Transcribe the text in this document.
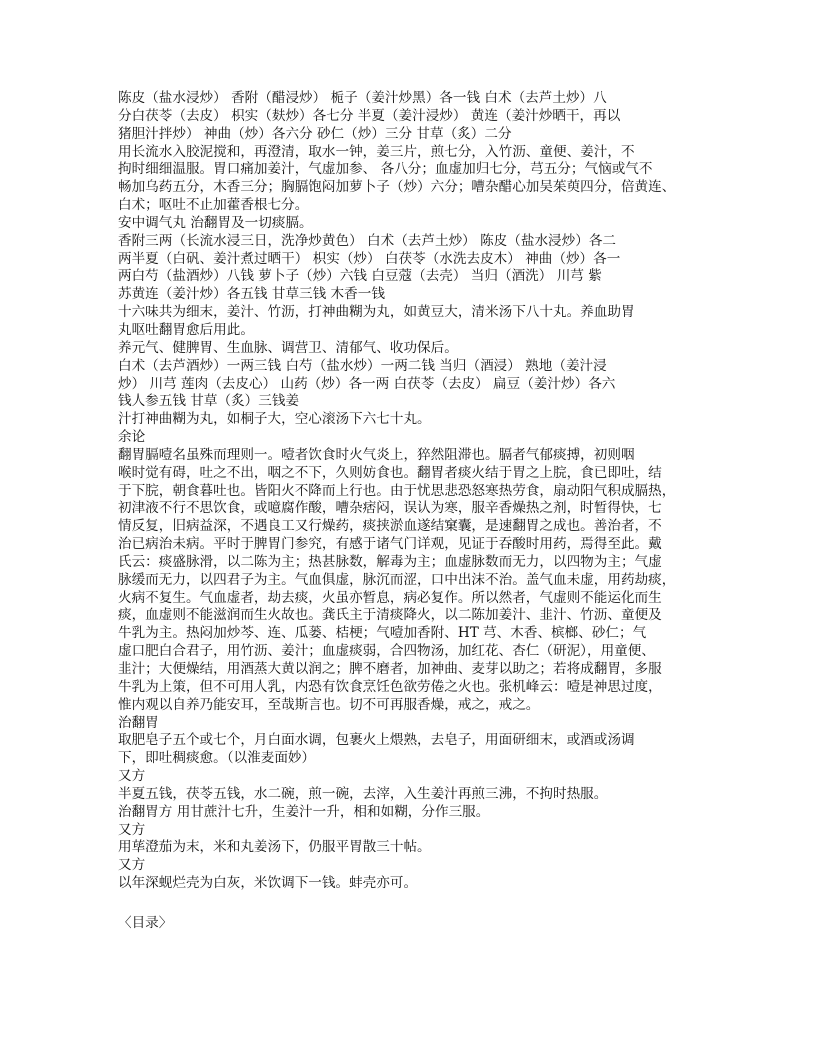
陈皮（盐水浸炒） 香附（醋浸炒） 栀子（姜汁炒黑）各一钱 白术（去芦土炒）八
分白茯苓（去皮） 枳实（麸炒）各七分 半夏（姜汁浸炒） 黄连（姜汁炒晒干，再以
猪胆汁拌炒） 神曲（炒）各六分 砂仁（炒）三分 甘草（炙）二分
用长流水入胶泥搅和，再澄清，取水一钟，姜三片，煎七分，入竹沥、童便、姜汁，不
拘时细细温服。胃口痛加姜汁，气虚加参、 各八分；血虚加归七分，芎五分；气恼或气不
畅加乌药五分，木香三分；胸膈饱闷加萝卜子（炒）六分；嘈杂醋心加吴茱萸四分，倍黄连、
白术；呕吐不止加藿香根七分。
安中调气丸 治翻胃及一切痰膈。
香附三两（长流水浸三日，洗净炒黄色） 白术（去芦土炒） 陈皮（盐水浸炒）各二
两半夏（白矾、姜汁煮过晒干） 枳实（炒） 白茯苓（水洗去皮木） 神曲（炒）各一
两白芍（盐酒炒）八钱 萝卜子（炒）六钱 白豆蔻（去壳） 当归（酒洗） 川芎 紫
苏黄连（姜汁炒）各五钱 甘草三钱 木香一钱
十六味共为细末，姜汁、竹沥，打神曲糊为丸，如黄豆大，清米汤下八十丸。养血助胃
丸呕吐翻胃愈后用此。
养元气、健脾胃、生血脉、调营卫、清郁气、收功保后。
白术（去芦酒炒）一两三钱 白芍（盐水炒）一两二钱 当归（酒浸） 熟地（姜汁浸
炒） 川芎 莲肉（去皮心） 山药（炒）各一两 白茯苓（去皮） 扁豆（姜汁炒）各六
钱人参五钱 甘草（炙）三钱姜
汁打神曲糊为丸，如桐子大，空心滚汤下六七十丸。
余论
翻胃膈噎名虽殊而理则一。噎者饮食时火气炎上，猝然阻滞也。膈者气郁痰搏，初则咽
喉时觉有碍，吐之不出，咽之不下，久则妨食也。翻胃者痰火结于胃之上脘，食已即吐，结
于下脘，朝食暮吐也。皆阳火不降而上行也。由于忧思悲恐怒寒热劳食，扇动阳气积成膈热，
初津液不行不思饮食，或噫腐作酸，嘈杂痞闷，误认为寒，服辛香燥热之剂，时暂得快，七
情反复，旧病益深，不遇良工又行燥药，痰挟淤血遂结窠囊，是速翻胃之成也。善治者，不
治已病治未病。平时于脾胃门参究，有感于诸气门详观，见证于吞酸时用药，焉得至此。戴
氏云：痰盛脉滑，以二陈为主；热甚脉数，解毒为主；血虚脉数而无力，以四物为主；气虚
脉缓而无力，以四君子为主。气血俱虚，脉沉而涩，口中出沫不治。盖气血未虚，用药劫痰，
火病不复生。气血虚者，劫去痰，火虽亦暂息，病必复作。所以然者，气虚则不能运化而生
痰，血虚则不能滋润而生火故也。龚氏主于清痰降火，以二陈加姜汁、韭汁、竹沥、童便及
牛乳为主。热闷加炒芩、连、瓜蒌、桔梗；气噎加香附、HT 芎、木香、槟榔、砂仁；气
虚口肥白合君子，用竹沥、姜汁；血虚痰弱，合四物汤，加红花、杏仁（研泥），用童便、
韭汁；大便燥结，用酒蒸大黄以润之；脾不磨者，加神曲、麦芽以助之；若将成翻胃，多服
牛乳为上策，但不可用人乳，内恐有饮食烹饪色欲劳倦之火也。张机峰云：噎是神思过度，
惟内观以自养乃能安耳，至哉斯言也。切不可再服香燥，戒之，戒之。
治翻胃
取肥皂子五个或七个，月白面水调，包裹火上煨熟，去皂子，用面研细末，或酒或汤调
下，即吐稠痰愈。（以淮麦面妙）
又方
半夏五钱，茯苓五钱，水二碗，煎一碗，去滓，入生姜汁再煎三沸，不拘时热服。
治翻胃方 用甘蔗汁七升，生姜汁一升，相和如糊，分作三服。
又方
用荜澄茄为末，米和丸姜汤下，仍服平胃散三十帖。
又方
以年深蚬烂壳为白灰，米饮调下一钱。蚌壳亦可。
〈目录〉
